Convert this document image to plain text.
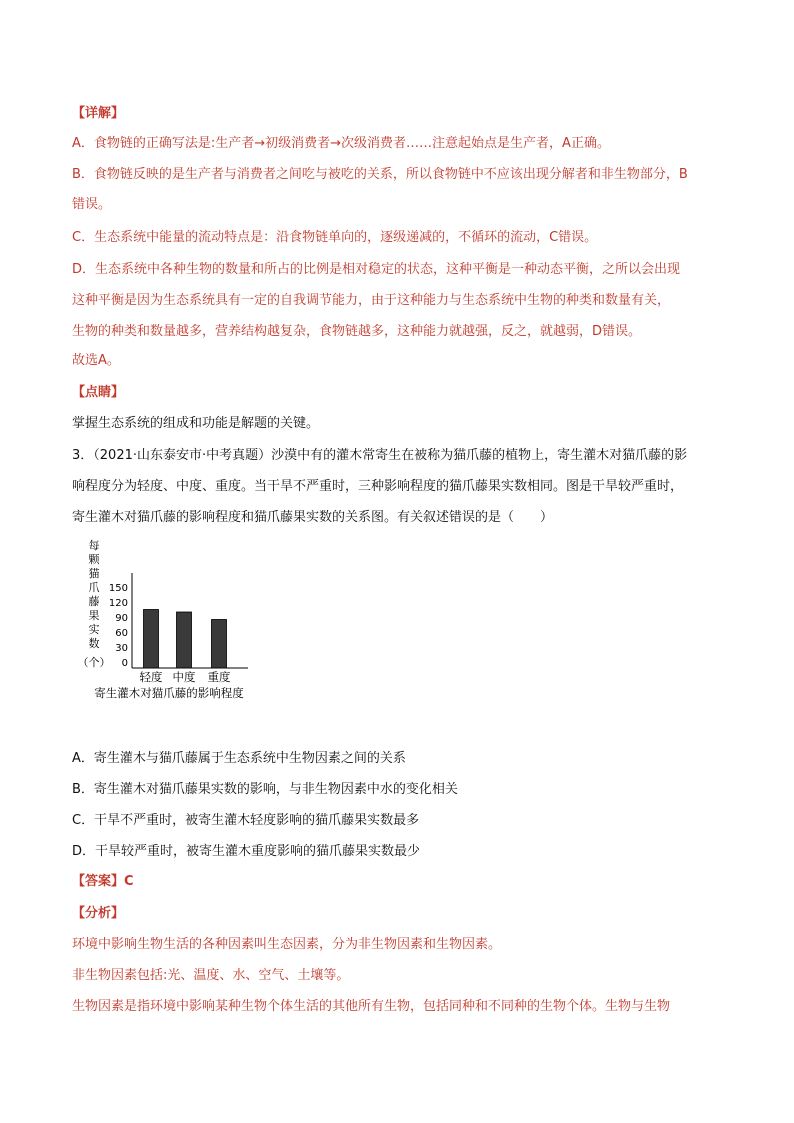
【详解】
A．食物链的正确写法是:生产者→初级消费者→次级消费者……注意起始点是生产者，A正确。
B．食物链反映的是生产者与消费者之间吃与被吃的关系，所以食物链中不应该出现分解者和非生物部分，B
错误。
C．生态系统中能量的流动特点是：沿食物链单向的，逐级递减的，不循环的流动，C错误。
D．生态系统中各种生物的数量和所占的比例是相对稳定的状态，这种平衡是一种动态平衡，之所以会出现
这种平衡是因为生态系统具有一定的自我调节能力，由于这种能力与生态系统中生物的种类和数量有关，
生物的种类和数量越多，营养结构越复杂，食物链越多，这种能力就越强，反之，就越弱，D错误。
故选A。
【点睛】
掌握生态系统的组成和功能是解题的关键。
3．（2021·山东泰安市·中考真题）沙漠中有的灌木常寄生在被称为猫爪藤的植物上，寄生灌木对猫爪藤的影
响程度分为轻度、中度、重度。当干旱不严重时，三种影响程度的猫爪藤果实数相同。图是干旱较严重时，
寄生灌木对猫爪藤的影响程度和猫爪藤果实数的关系图。有关叙述错误的是（　　）
每
颗
猫
爪
藤
果
实
数
（个）
150
120
90
60
30
0
轻度 中度 重度
寄生灌木对猫爪藤的影响程度
A．寄生灌木与猫爪藤属于生态系统中生物因素之间的关系
B．寄生灌木对猫爪藤果实数的影响，与非生物因素中水的变化相关
C．干旱不严重时，被寄生灌木轻度影响的猫爪藤果实数最多
D．干旱较严重时，被寄生灌木重度影响的猫爪藤果实数最少
【答案】C
【分析】
环境中影响生物生活的各种因素叫生态因素，分为非生物因素和生物因素。
非生物因素包括:光、温度、水、空气、土壤等。
生物因素是指环境中影响某种生物个体生活的其他所有生物，包括同种和不同种的生物个体。生物与生物
